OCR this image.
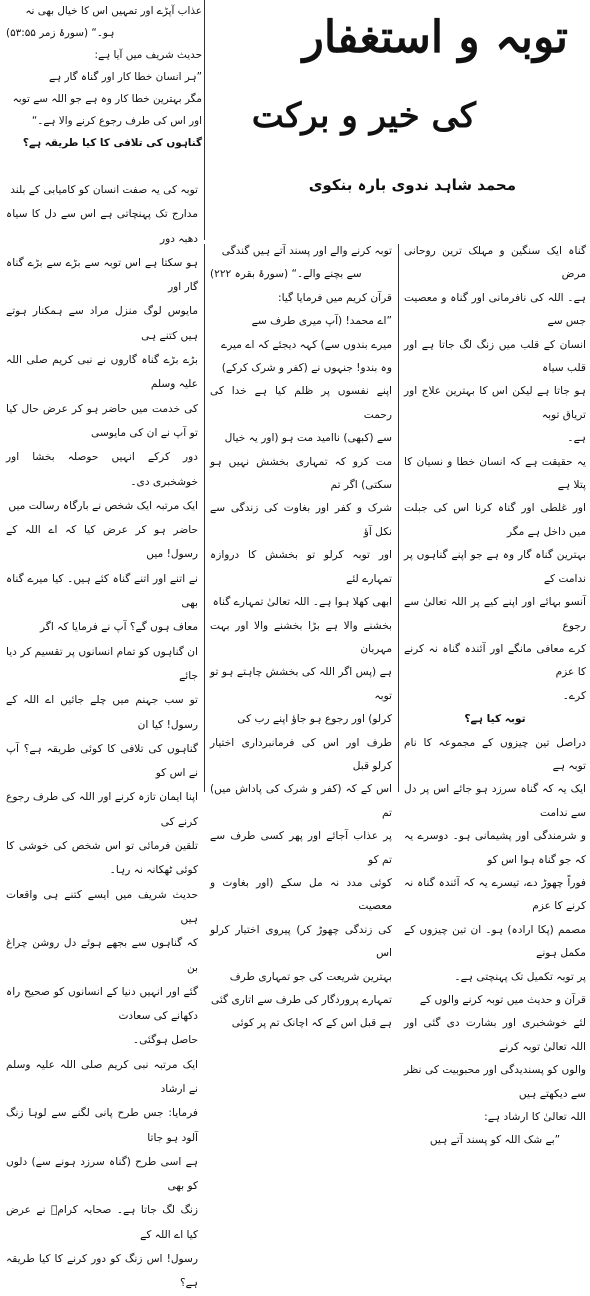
توبہ و استغفار
کی خیر و برکت
محمد شاہد ندوی بارہ بنکوی

عذاب آپڑے اور تمہیں اس کا خیال بھی نہ

ہو۔“ (سورۂ زمر ۵۳:۵۵)

حدیث شریف میں آیا ہے:

”ہر انسان خطا کار اور گناہ گار ہے

مگر بہترین خطا کار وہ ہے جو اللہ سے توبہ

اور اس کی طرف رجوع کرنے والا ہے۔“

گناہوں کی تلافی کا کیا طریقہ ہے؟

گناہ ایک سنگین و مہلک ترین روحانی مرض

ہے۔ اللہ کی نافرمانی اور گناہ و معصیت جس سے

انسان کے قلب میں زنگ لگ جاتا ہے اور قلب سیاہ

ہو جاتا ہے لیکن اس کا بہترین علاج اور تریاق توبہ

ہے۔

یہ حقیقت ہے کہ انسان خطا و نسیان کا پتلا ہے

اور غلطی اور گناہ کرنا اس کی جبلت میں داخل ہے مگر

بہترین گناہ گار وہ ہے جو اپنے گناہوں پر ندامت کے

آنسو بہائے اور اپنے کیے پر اللہ تعالیٰ سے رجوع

کرے معافی مانگے اور آئندہ گناہ نہ کرنے کا عزم

کرے۔

توبہ کیا ہے؟

دراصل تین چیزوں کے مجموعہ کا نام توبہ ہے

ایک یہ کہ گناہ سرزد ہو جائے اس پر دل سے ندامت

و شرمندگی اور پشیمانی ہو۔ دوسرے یہ کہ جو گناہ ہوا اس کو

فوراً چھوڑ دے، تیسرے یہ کہ آئندہ گناہ نہ کرنے کا عزم

مصمم (پکا ارادہ) ہو۔ ان تین چیزوں کے مکمل ہونے

پر توبہ تکمیل تک پہنچتی ہے۔

قرآن و حدیث میں توبہ کرنے والوں کے

لئے خوشخبری اور بشارت دی گئی اور اللہ تعالیٰ توبہ کرنے

والوں کو پسندیدگی اور محبوبیت کی نظر سے دیکھتے ہیں

اللہ تعالیٰ کا ارشاد ہے:

”بے شک اللہ کو پسند آتے ہیں

توبہ کرنے والے اور پسند آتے ہیں گندگی

سے بچنے والے۔“ (سورۂ بقرہ ۲۲۲)

قرآن کریم میں فرمایا گیا:

”اے محمد! (آپ میری طرف سے

میرے بندوں سے) کہہ دیجئے کہ اے میرے

وہ بندو! جنہوں نے (کفر و شرک کرکے)

اپنے نفسوں پر ظلم کیا ہے خدا کی رحمت

سے (کبھی) ناامید مت ہو (اور یہ خیال

مت کرو کہ تمہاری بخشش نہیں ہو سکتی) اگر تم

شرک و کفر اور بغاوت کی زندگی سے نکل آؤ

اور توبہ کرلو تو بخشش کا دروازہ تمہارے لئے

ابھی کھلا ہوا ہے۔ اللہ تعالیٰ تمہارے گناہ

بخشنے والا ہے بڑا بخشنے والا اور بہت مہربان

ہے (پس اگر اللہ کی بخشش چاہتے ہو تو توبہ

کرلو) اور رجوع ہو جاؤ اپنے رب کی

طرف اور اس کی فرمانبرداری اختیار کرلو قبل

اس کے کہ (کفر و شرک کی پاداش میں) تم

پر عذاب آجائے اور پھر کسی طرف سے تم کو

کوئی مدد نہ مل سکے (اور بغاوت و معصیت

کی زندگی چھوڑ کر) پیروی اختیار کرلو اس

بہترین شریعت کی جو تمہاری طرف

تمہارے پروردگار کی طرف سے اتاری گئی

ہے قبل اس کے کہ اچانک تم پر کوئی

توبہ کی یہ صفت انسان کو کامیابی کے بلند

مدارج تک پہنچاتی ہے اس سے دل کا سیاہ دھبہ دور

ہو سکتا ہے اس توبہ سے بڑے سے بڑے گناہ گار اور

مایوس لوگ منزل مراد سے ہمکنار ہوتے ہیں کتنے ہی

بڑے بڑے گناہ گاروں نے نبی کریم صلی اللہ علیہ وسلم

کی خدمت میں حاضر ہو کر عرض حال کیا تو آپ نے ان کی مایوسی

دور کرکے انہیں حوصلہ بخشا اور خوشخبری دی۔

ایک مرتبہ ایک شخص نے بارگاہ رسالت میں

حاضر ہو کر عرض کیا کہ اے اللہ کے رسول! میں

نے اتنے اور اتنے گناہ کئے ہیں۔ کیا میرے گناہ بھی

معاف ہوں گے؟ آپ نے فرمایا کہ اگر

ان گناہوں کو تمام انسانوں پر تقسیم کر دیا جائے

تو سب جہنم میں چلے جائیں اے اللہ کے رسول! کیا ان

گناہوں کی تلافی کا کوئی طریقہ ہے؟ آپ نے اس کو

اپنا ایمان تازہ کرنے اور اللہ کی طرف رجوع کرنے کی

تلقین فرمائی تو اس شخص کی خوشی کا کوئی ٹھکانہ نہ رہا۔

حدیث شریف میں ایسے کتنے ہی واقعات ہیں

کہ گناہوں سے بجھے ہوئے دل روشن چراغ بن

گئے اور انہیں دنیا کے انسانوں کو صحیح راہ دکھانے کی سعادت

حاصل ہوگئی۔

ایک مرتبہ نبی کریم صلی اللہ علیہ وسلم نے ارشاد

فرمایا: جس طرح پانی لگنے سے لوہا زنگ آلود ہو جاتا

ہے اسی طرح (گناہ سرزد ہونے سے) دلوں کو بھی

زنگ لگ جاتا ہے۔ صحابہ کرامؓ نے عرض کیا اے اللہ کے

رسول! اس زنگ کو دور کرنے کا کیا طریقہ ہے؟
